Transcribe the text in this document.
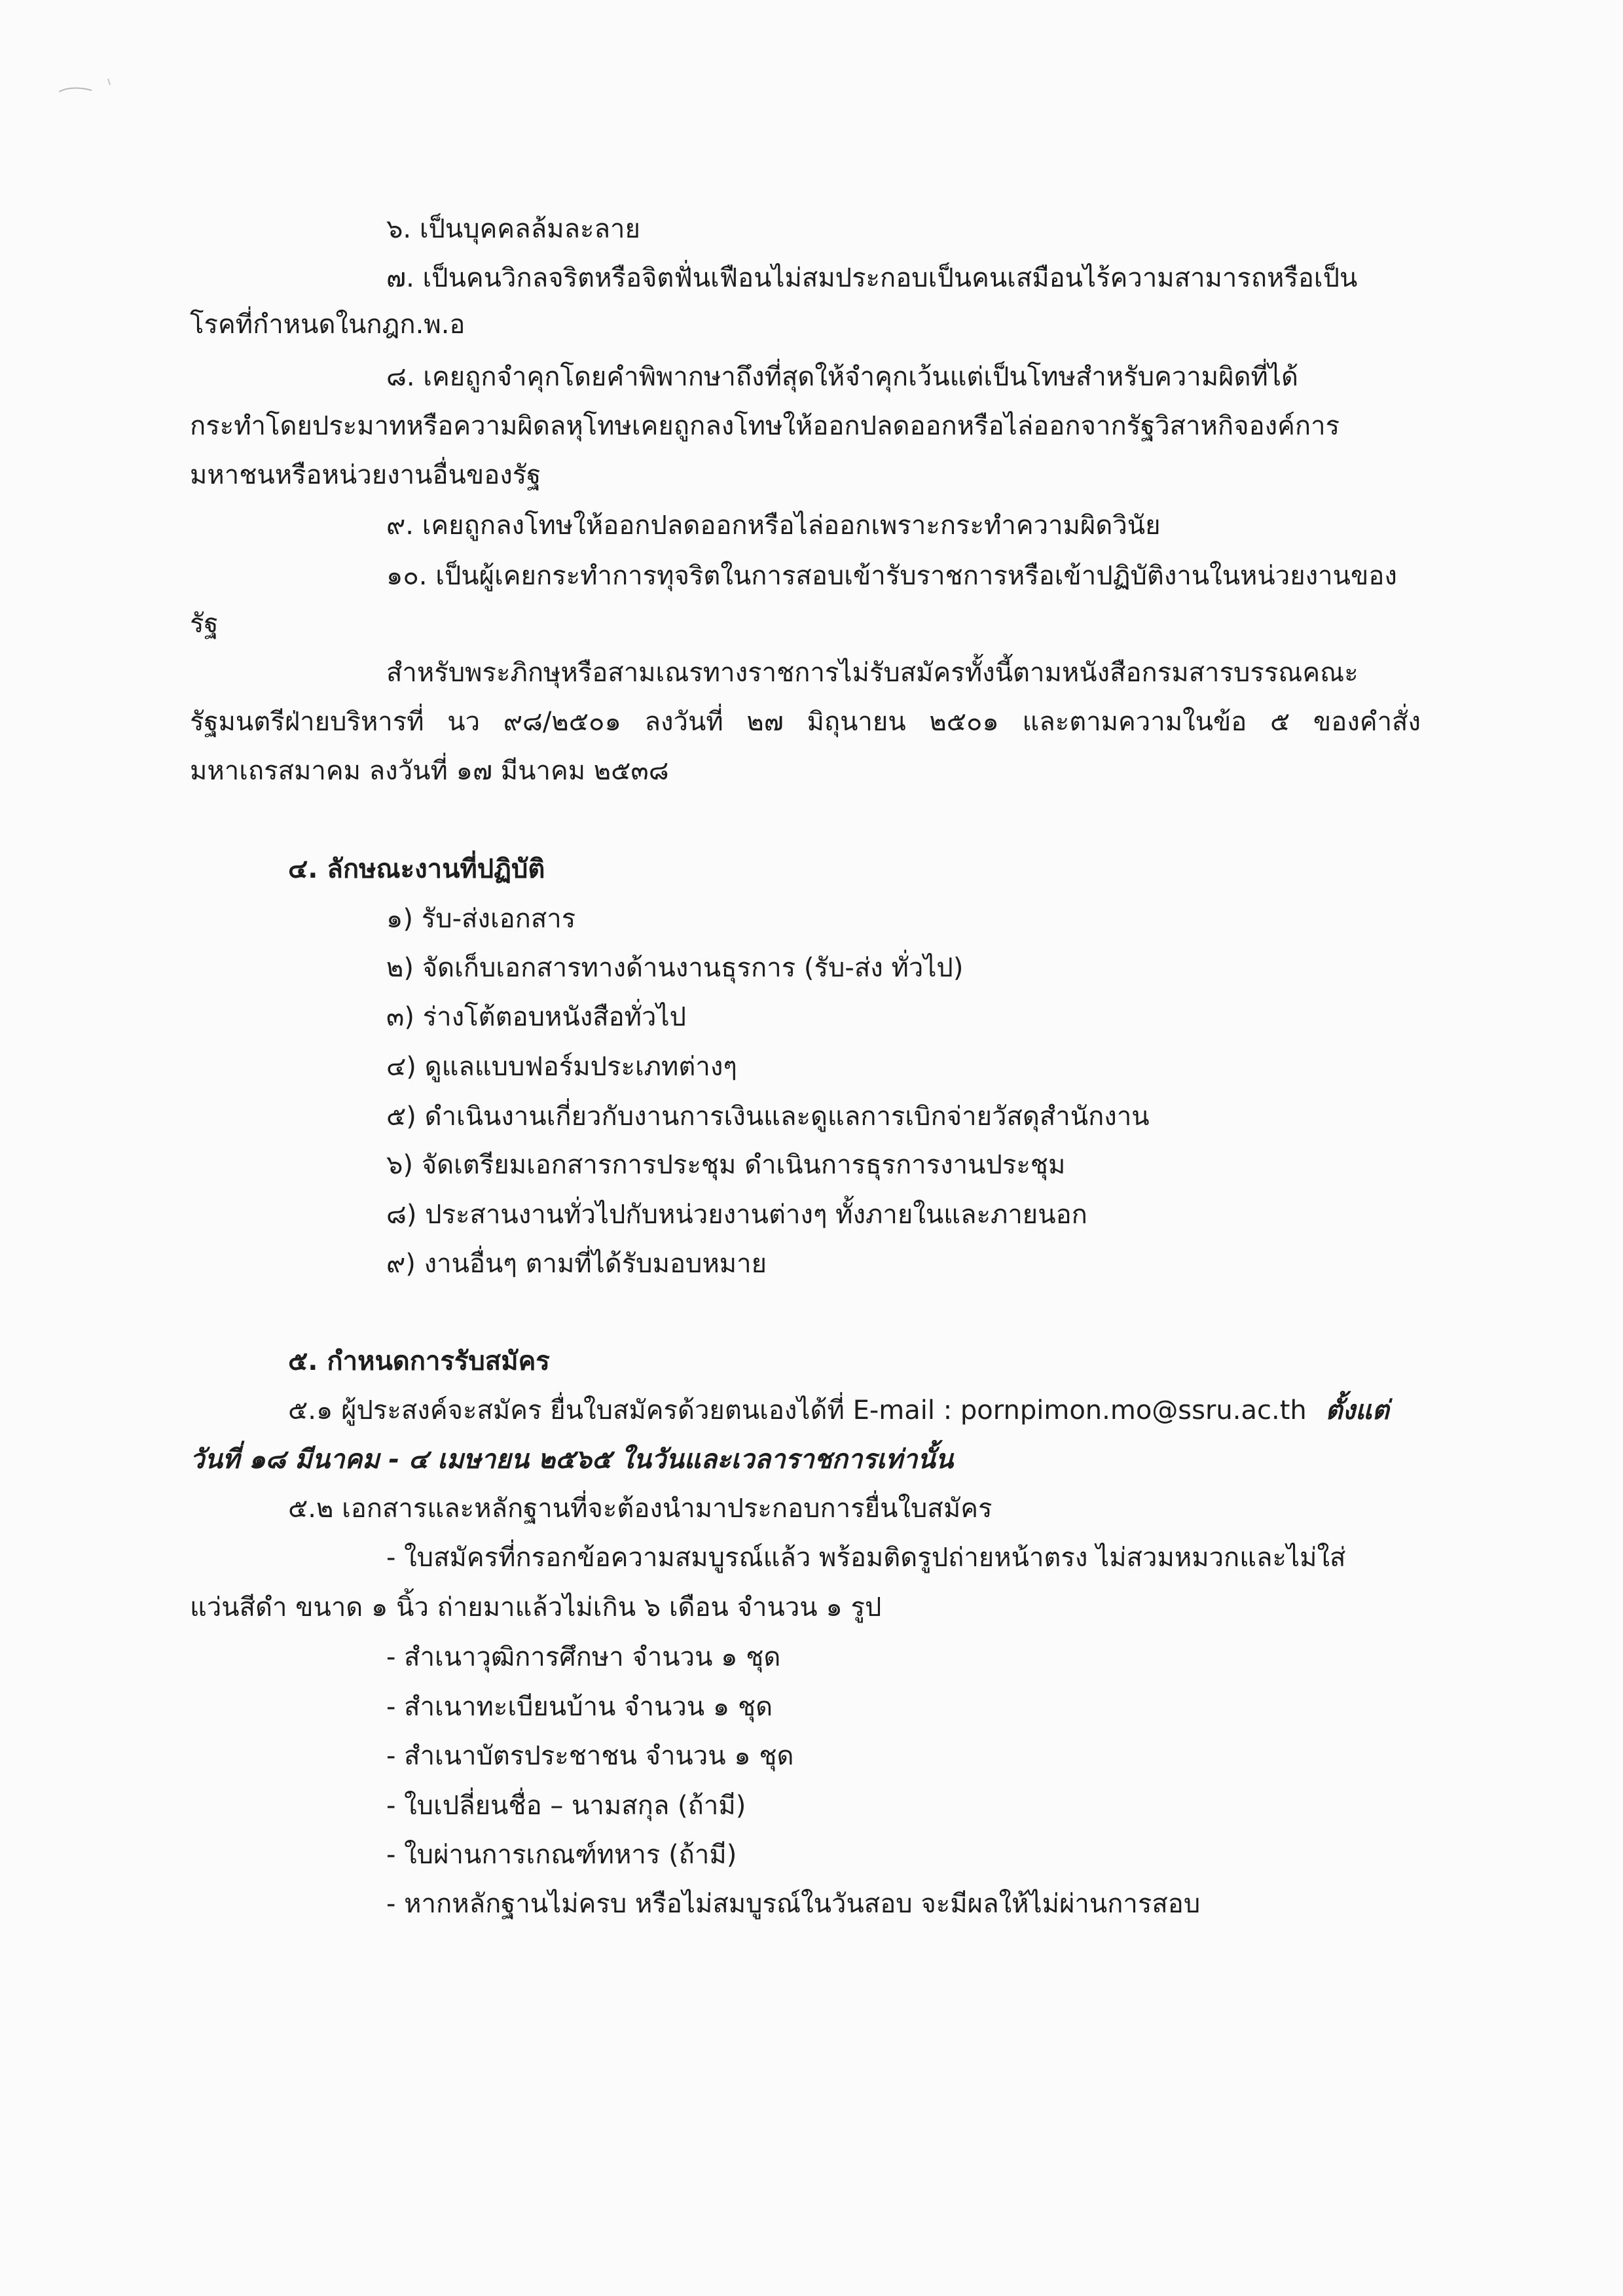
๖. เป็นบุคคลล้มละลาย

๗. เป็นคนวิกลจริตหรือจิตฟั่นเฟือนไม่สมประกอบเป็นคนเสมือนไร้ความสามารถหรือเป็น

โรคที่กำหนดในกฎก.พ.อ

๘. เคยถูกจำคุกโดยคำพิพากษาถึงที่สุดให้จำคุกเว้นแต่เป็นโทษสำหรับความผิดที่ได้

กระทำโดยประมาทหรือความผิดลหุโทษเคยถูกลงโทษให้ออกปลดออกหรือไล่ออกจากรัฐวิสาหกิจองค์การ

มหาชนหรือหน่วยงานอื่นของรัฐ

๙. เคยถูกลงโทษให้ออกปลดออกหรือไล่ออกเพราะกระทำความผิดวินัย

๑๐. เป็นผู้เคยกระทำการทุจริตในการสอบเข้ารับราชการหรือเข้าปฏิบัติงานในหน่วยงานของ

รัฐ

สำหรับพระภิกษุหรือสามเณรทางราชการไม่รับสมัครทั้งนี้ตามหนังสือกรมสารบรรณคณะ

รัฐมนตรีฝ่ายบริหารที่ นว ๙๘/๒๕๐๑ ลงวันที่ ๒๗ มิถุนายน ๒๕๐๑ และตามความในข้อ ๕ ของคำสั่ง

มหาเถรสมาคม ลงวันที่ ๑๗ มีนาคม ๒๕๓๘

๔. ลักษณะงานที่ปฏิบัติ

๑) รับ-ส่งเอกสาร

๒) จัดเก็บเอกสารทางด้านงานธุรการ (รับ-ส่ง ทั่วไป)

๓) ร่างโต้ตอบหนังสือทั่วไป

๔) ดูแลแบบฟอร์มประเภทต่างๆ

๕) ดำเนินงานเกี่ยวกับงานการเงินและดูแลการเบิกจ่ายวัสดุสำนักงาน

๖) จัดเตรียมเอกสารการประชุม ดำเนินการธุรการงานประชุม

๘) ประสานงานทั่วไปกับหน่วยงานต่างๆ ทั้งภายในและภายนอก

๙) งานอื่นๆ ตามที่ได้รับมอบหมาย

๕. กำหนดการรับสมัคร

๕.๑ ผู้ประสงค์จะสมัคร ยื่นใบสมัครด้วยตนเองได้ที่ E-mail : pornpimon.mo@ssru.ac.th ตั้งแต่

วันที่ ๑๘ มีนาคม - ๔ เมษายน ๒๕๖๕ ในวันและเวลาราชการเท่านั้น

๕.๒ เอกสารและหลักฐานที่จะต้องนำมาประกอบการยื่นใบสมัคร

- ใบสมัครที่กรอกข้อความสมบูรณ์แล้ว พร้อมติดรูปถ่ายหน้าตรง ไม่สวมหมวกและไม่ใส่

แว่นสีดำ ขนาด ๑ นิ้ว ถ่ายมาแล้วไม่เกิน ๖ เดือน จำนวน ๑ รูป

- สำเนาวุฒิการศึกษา จำนวน ๑ ชุด

- สำเนาทะเบียนบ้าน จำนวน ๑ ชุด

- สำเนาบัตรประชาชน จำนวน ๑ ชุด

- ใบเปลี่ยนชื่อ – นามสกุล (ถ้ามี)

- ใบผ่านการเกณฑ์ทหาร (ถ้ามี)

- หากหลักฐานไม่ครบ หรือไม่สมบูรณ์ในวันสอบ จะมีผลให้ไม่ผ่านการสอบ
